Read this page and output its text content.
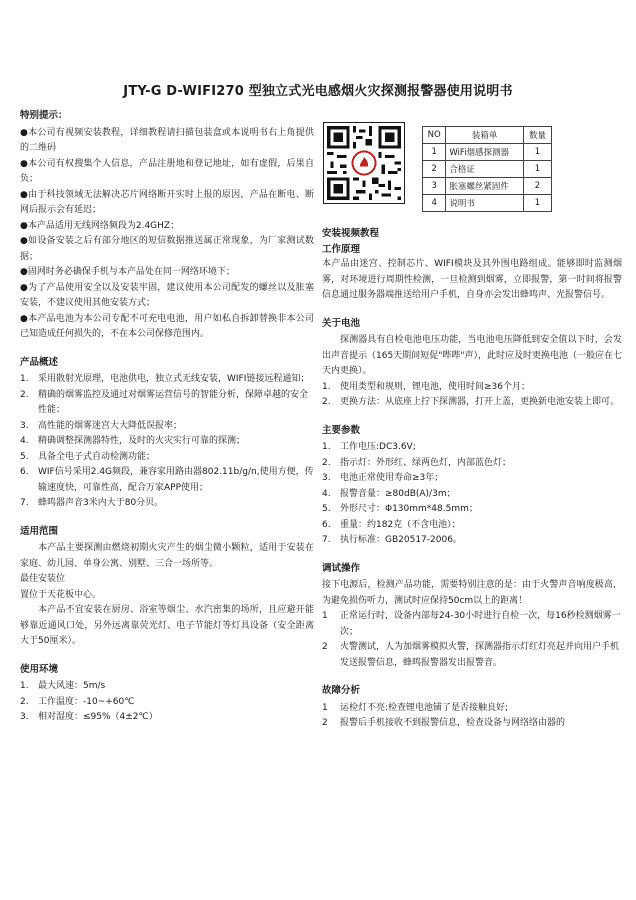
JTY-G D-WIFI270 型独立式光电感烟火灾探测报警器使用说明书
特别提示：
●本公司有视频安装教程，详细教程请扫描包装盒或本说明书右上角提供的二维码
●本公司有权搜集个人信息，产品注册地和登记地址，如有虚假，后果自负；
●由于科技领域无法解决芯片网络断开实时上报的原因，产品在断电、断网后报示会有延迟；
●本产品适用无线网络频段为2.4GHZ；
●如设备安装之后有部分地区的短信数据推送属正常现象，为厂家测试数据；
●固网时务必确保手机与本产品处在同一网络环境下；
●为了产品使用安全以及安装牢固，建议使用本公司配发的螺丝以及胀塞安装，不建议使用其他安装方式；
●本产品电池为本公司专配不可充电电池，用户如私自拆卸替换非本公司已知造成任何损失的，不在本公司保修范围内。
产品概述
1.	采用散射光原理，电池供电，独立式无线安装，WIFI链接远程通知；
2.	精确的烟雾监控及通过对烟雾运营信号的智能分析，保障卓越的安全性能；
3.	高性能的烟雾迷宫大大降低误报率；
4.	精确调整探测器特性，及时的火灾实行可靠的探测；
5.	具备全电子式自动检测功能；
6.	WIF信号采用2.4G频段，兼容家用路由器802.11b/g/n,使用方便，传输速度快，可靠性高，配合万家APP使用；
7.	蜂鸣器声音3米内大于80分贝。
适用范围
本产品主要探测由燃烧初期火灾产生的烟尘微小颗粒，适用于安装在家庭、幼儿园、单身公寓、别墅、三合一场所等。
最佳安装位
置位于天花板中心。
本产品不宜安装在厨房、浴室等烟尘、水汽密集的场所，且应避开能够靠近通风口处，另外远离靠荧光灯、电子节能灯等灯具设备（安全距离大于50厘米）。
使用环境
1.	最大风速：5m/s
2.	工作温度：-10~+60℃
3.	相对湿度：≤95%（4±2℃）
NO	装箱单	数量
1	WiFi烟感探测器	1
2	合格证	1
3	胀塞螺丝紧固件	2
4	说明书	1
安装视频教程
工作原理
本产品由迷宫、控制芯片、WIFI模块及其外围电路组成。能够即时监测烟雾，对环境进行周期性检测，一旦检测到烟雾，立即报警，第一时间将报警信息通过服务器端推送给用户手机，自身亦会发出蜂鸣声、光报警信号。
关于电池
探测器具有自检电池电压功能，当电池电压降低到安全值以下时，会发出声音提示（165天期间短促"哔哔"声），此时应及时更换电池（一般应在七天内更换）。
1.	使用类型和规则，锂电池，使用时间≥36个月；
2.	更换方法：从底座上拧下探测器，打开上盖，更换新电池安装上即可。
主要参数
1.	工作电压:DC3.6V;
2.	指示灯：外形红、绿两色灯，内部蓝色灯；
3.	电池正常使用寿命≥3年；
4.	报警音量：≥80dB(A)/3m；
5.	外形尺寸：Φ130mm*48.5mm；
6.	重量：约182克（不含电池）；
7.	执行标准：GB20517-2006。
调试操作
接下电源后，检测产品功能，需要特别注意的是：由于火警声音响度极高，为避免损伤听力，测试时应保持50cm以上的距离！
1	正常运行时，设备内部每24-30小时进行自检一次，每16秒检测烟雾一次；
2	火警测试，人为加烟雾模拟火警，探测器指示灯红灯亮起并向用户手机发送报警信息，蜂鸣报警器发出报警音。
故障分析
1	运检灯不亮:检查锂电池铺了是否接触良好;
2	报警后手机接收不到报警信息，检查设备与网络络由器的
